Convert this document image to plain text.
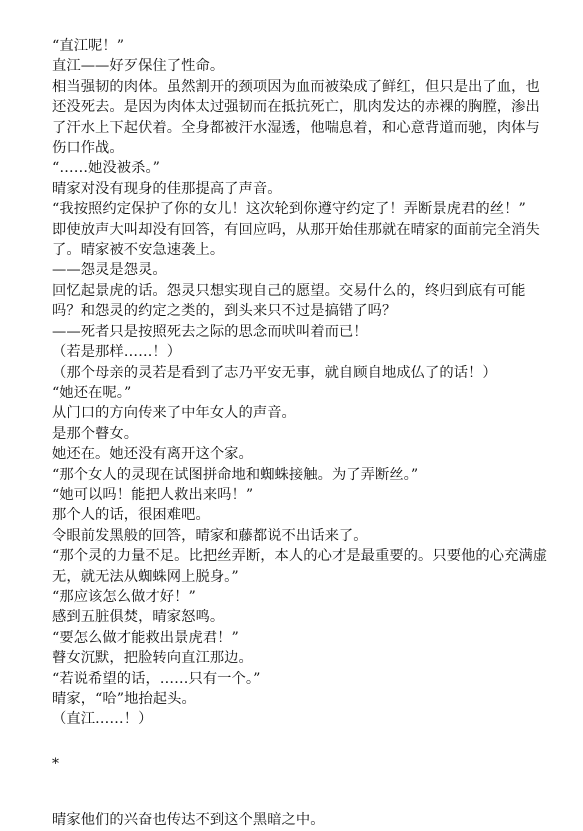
“直江呢！”

直江——好歹保住了性命。

相当强韧的肉体。虽然割开的颈项因为血而被染成了鲜红，但只是出了血，也还没死去。是因为肉体太过强韧而在抵抗死亡，肌肉发达的赤裸的胸膛，渗出了汗水上下起伏着。全身都被汗水湿透，他喘息着，和心意背道而驰，肉体与伤口作战。

“……她没被杀。”

晴家对没有现身的佳那提高了声音。

“我按照约定保护了你的女儿！这次轮到你遵守约定了！弄断景虎君的丝！”

即使放声大叫却没有回答，有回应吗，从那开始佳那就在晴家的面前完全消失了。晴家被不安急速袭上。

——怨灵是怨灵。

回忆起景虎的话。怨灵只想实现自己的愿望。交易什么的，终归到底有可能吗？和怨灵的约定之类的，到头来只不过是搞错了吗？

——死者只是按照死去之际的思念而吠叫着而已！

（若是那样……！）

（那个母亲的灵若是看到了志乃平安无事，就自顾自地成仏了的话！）

“她还在呢。”

从门口的方向传来了中年女人的声音。

是那个瞽女。

她还在。她还没有离开这个家。

“那个女人的灵现在试图拼命地和蜘蛛接触。为了弄断丝。”

“她可以吗！能把人救出来吗！”

那个人的话，很困难吧。

令眼前发黑般的回答，晴家和藤都说不出话来了。

“那个灵的力量不足。比把丝弄断，本人的心才是最重要的。只要他的心充满虚无，就无法从蜘蛛网上脱身。”

“那应该怎么做才好！”

感到五脏俱焚，晴家怒鸣。

“要怎么做才能救出景虎君！”

瞽女沉默，把脸转向直江那边。

“若说希望的话，……只有一个。”

晴家，“哈”地抬起头。

（直江……！）

*

晴家他们的兴奋也传达不到这个黑暗之中。
